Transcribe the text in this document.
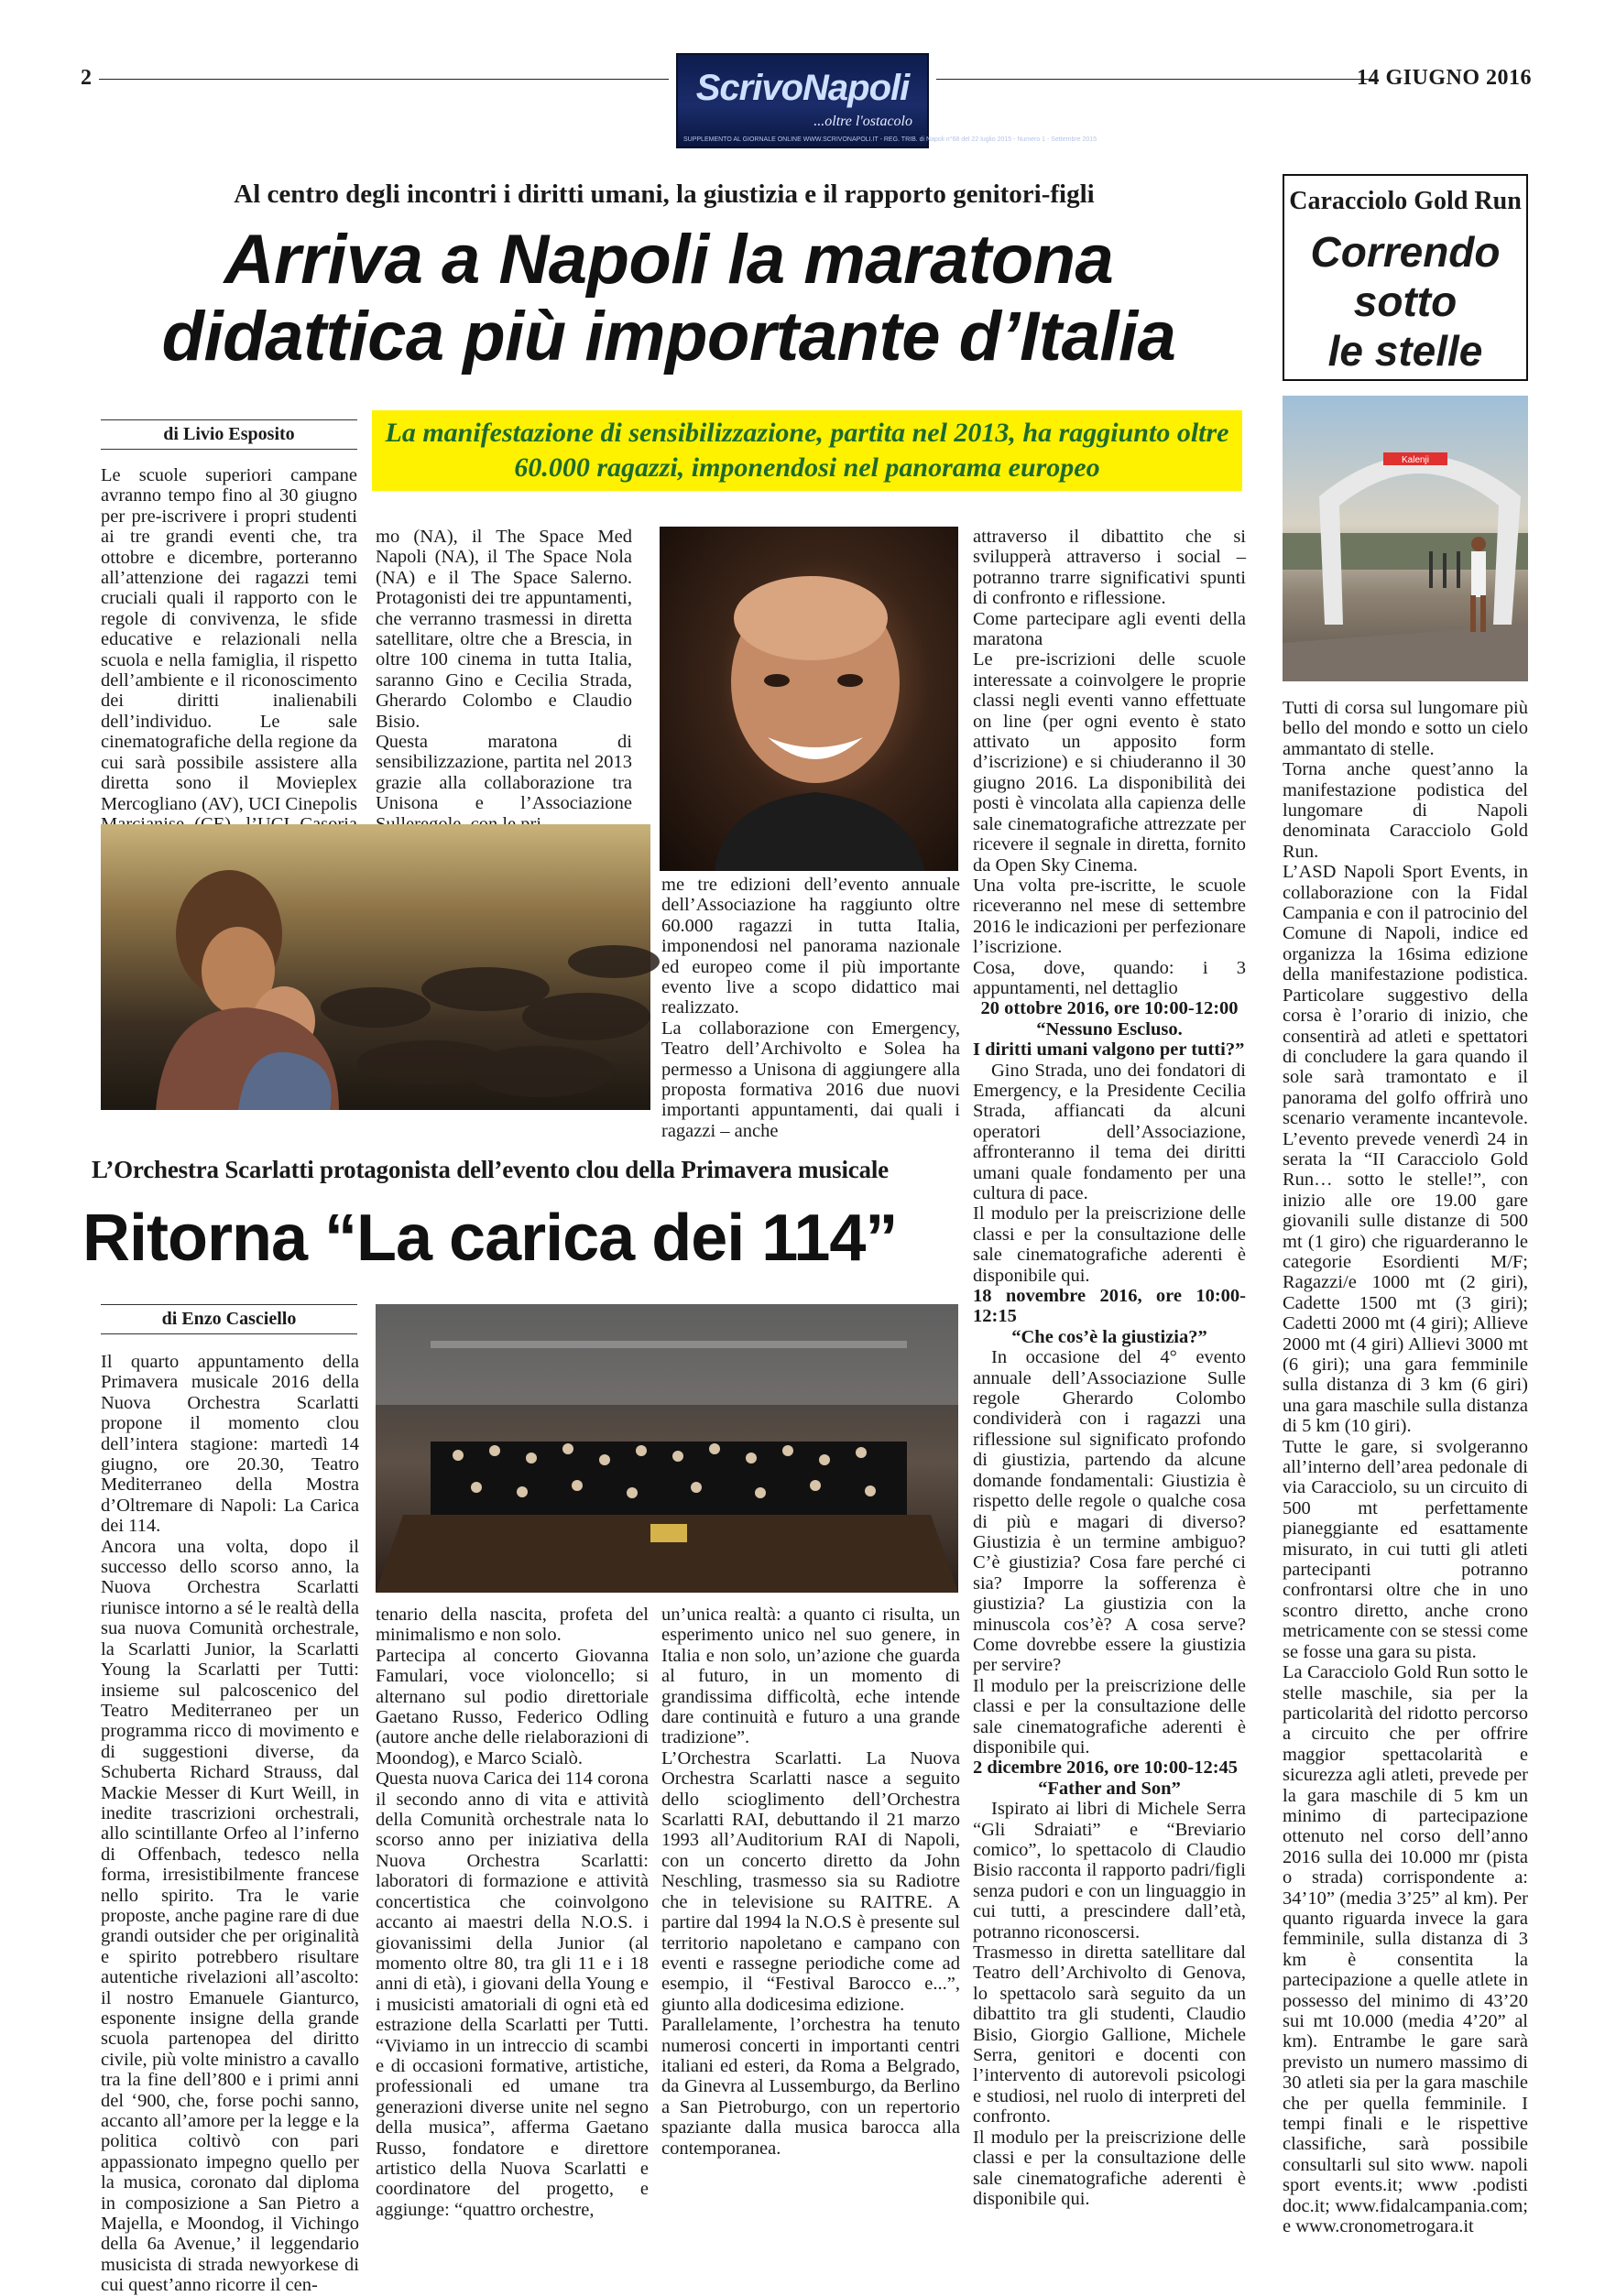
2	14 GIUGNO 2016
ScrivoNapoli
...oltre l'ostacolo
SUPPLEMENTO AL GIORNALE ONLINE WWW.SCRIVONAPOLI.IT - REG. TRIB. di Napoli n°68 del 22 luglio 2015 - Numero 1 - Settembre 2015
Al centro degli incontri i diritti umani, la giustizia e il rapporto genitori-figli
Arriva a Napoli la maratona
didattica più importante d’Italia
di Livio Esposito	La manifestazione di sensibilizzazione, partita nel 2013, ha raggiunto oltre 60.000 ragazzi, imponendosi nel panorama europeo
Le scuole superiori campane avranno tempo fino al 30 giugno per pre-iscrivere i propri studenti ai tre grandi eventi che, tra ottobre e dicembre, porteranno all’attenzione dei ragazzi temi cruciali quali il rapporto con le regole di convivenza, le sfide educative e relazionali nella scuola e nella famiglia, il rispetto dell’ambiente e il riconoscimento dei diritti inalienabili dell’individuo. Le sale cinematografiche della regione da cui sarà possibile assistere alla diretta sono il Movieplex Mercogliano (AV), UCI Cinepolis
mo (NA), il The Space Med Napoli (NA), il The Space Nola (NA) e il The Space Salerno. Protagonisti dei tre appuntamenti, che verranno trasmessi in diretta satellitare, oltre che a Brescia, in oltre 100 cinema in tutta Italia, saranno Gino e Cecilia Strada, Gherardo Colombo e Claudio Bisio.
Questa maratona di sensibilizzazione, partita nel 2013 grazie alla collaborazione tra Unisona e l’Associazione
me tre edizioni dell’evento annuale dell’Associazione ha raggiunto oltre 60.000 ragazzi in tutta Italia, imponendosi nel panorama nazionale ed europeo come il più importante evento live a scopo didattico mai realizzato.
La collaborazione con Emergency, Teatro dell’Archivolto e Solea ha permesso a Unisona di aggiungere alla proposta formativa 2016 due nuovi importanti appuntamenti, dai quali i ragazzi – anche
attraverso il dibattito che si svilupperà attraverso i social – potranno trarre significativi spunti di confronto e riflessione.
Come partecipare agli eventi della maratona
Le pre-iscrizioni delle scuole interessate a coinvolgere le proprie classi negli eventi vanno effettuate on line (per ogni evento è stato attivato un apposito form d’iscrizione) e si chiuderanno il 30 giugno 2016. La disponibilità dei posti è vincolata alla capienza delle sale cinematografiche attrezzate per ricevere il segnale in diretta, fornito da Open Sky Cinema.
Una volta pre-iscritte, le scuole riceveranno nel mese di settembre 2016 le indicazioni per perfezionare l’iscrizione.
Cosa, dove, quando: i 3 appuntamenti, nel dettaglio
20 ottobre 2016, ore 10:00-12:00
“Nessuno Escluso.
I diritti umani valgono per tutti?”
Gino Strada, uno dei fondatori di Emergency, e la Presidente Cecilia Strada, affiancati da alcuni operatori dell’Associazione, affronteranno il tema dei diritti umani quale fondamento per una cultura di pace.
Il modulo per la preiscrizione delle classi e per la consultazione delle sale cinematografiche aderenti è disponibile qui.
18 novembre 2016, ore 10:00-12:15
“Che cos’è la giustizia?”
In occasione del 4° evento annuale dell’Associazione Sulle regole Gherardo Colombo condividerà con i ragazzi una riflessione sul significato profondo di giustizia, partendo da alcune domande fondamentali: Giustizia è rispetto delle regole o qualche cosa di più e magari di diverso? Giustizia è un termine ambiguo? C’è giustizia? Cosa fare perché ci sia? Imporre la sofferenza è giustizia? La giustizia con la minuscola cos’è? A cosa serve? Come dovrebbe essere la giustizia per servire?
Il modulo per la preiscrizione delle classi e per la consultazione delle sale cinematografiche aderenti è disponibile qui.
2 dicembre 2016, ore 10:00-12:45
“Father and Son”
Ispirato ai libri di Michele Serra “Gli Sdraiati” e “Breviario comico”, lo spettacolo di Claudio Bisio racconta il rapporto padri/figli senza pudori e con un linguaggio in cui tutti, a prescindere dall’età, potranno riconoscersi.
Trasmesso in diretta satellitare dal Teatro dell’Archivolto di Genova, lo spettacolo sarà seguito da un dibattito tra gli studenti, Claudio Bisio, Giorgio Gallione, Michele Serra, genitori e docenti con l’intervento di autorevoli psicologi e studiosi, nel ruolo di interpreti del confronto.
Il modulo per la preiscrizione delle classi e per la consultazione delle sale cinematografiche aderenti è disponibile qui.
L’Orchestra Scarlatti protagonista dell’evento clou della Primavera musicale
Ritorna “La carica dei 114”
di Enzo Casciello
Il quarto appuntamento della Primavera musicale 2016 della Nuova Orchestra Scarlatti propone il momento clou dell’intera stagione: martedì 14 giugno, ore 20.30, Teatro Mediterraneo della Mostra d’Oltremare di Napoli: La Carica dei 114.
Ancora una volta, dopo il successo dello scorso anno, la Nuova Orchestra Scarlatti riunisce intorno a sé le realtà della sua nuova Comunità orchestrale, la Scarlatti Junior, la Scarlatti Young la Scarlatti per Tutti: insieme sul palcoscenico del Teatro Mediterraneo per un programma ricco di movimento e di suggestioni diverse, da Schuberta Richard Strauss, dal Mackie Messer di Kurt Weill, in inedite trascrizioni orchestrali, allo scintillante Orfeo al l’inferno di Offenbach, tedesco nella forma, irresistibilmente francese nello spirito. Tra le varie proposte, anche pagine rare di due grandi outsider che per originalità e spirito potrebbero risultare autentiche rivelazioni all’ascolto: il nostro Emanuele Gianturco, esponente insigne della grande scuola partenopea del diritto civile, più volte ministro a cavallo tra la fine dell’800 e i primi anni del ‘900, che, forse pochi sanno, accanto all’amore per la legge e la politica coltivò con pari appassionato impegno quello per la musica, coronato dal diploma in composizione a San Pietro a Majella, e Moondog, il Vichingo della 6a Avenue,’ il leggendario musicista di strada newyorkese di cui quest’anno ricorre il cen-
tenario della nascita, profeta del minimalismo e non solo.
Partecipa al concerto Giovanna Famulari, voce violoncello; si alternano sul podio direttoriale Gaetano Russo, Federico Odling (autore anche delle rielaborazioni di Moondog), e Marco Scialò.
Questa nuova Carica dei 114 corona il secondo anno di vita e attività della Comunità orchestrale nata lo scorso anno per iniziativa della Nuova Orchestra Scarlatti: laboratori di formazione e attività concertistica che coinvolgono accanto ai maestri della N.O.S. i giovanissimi della Junior (al momento oltre 80, tra gli 11 e i 18 anni di età), i giovani della Young e i musicisti amatoriali di ogni età ed estrazione della Scarlatti per Tutti. “Viviamo in un intreccio di scambi e di occasioni formative, artistiche, professionali ed umane tra generazioni diverse unite nel segno della musica”, afferma Gaetano Russo, fondatore e direttore artistico della Nuova Scarlatti e coordinatore del progetto, e aggiunge: “quattro orchestre,
un’unica realtà: a quanto ci risulta, un esperimento unico nel suo genere, in Italia e non solo, un’azione che guarda al futuro, in un momento di grandissima difficoltà, eche intende dare continuità e futuro a una grande tradizione”.
L’Orchestra Scarlatti. La Nuova Orchestra Scarlatti nasce a seguito dello scioglimento dell’Orchestra Scarlatti RAI, debuttando il 21 marzo 1993 all’Auditorium RAI di Napoli, con un concerto diretto da John Neschling, trasmesso sia su Radiotre che in televisione su RAITRE. A partire dal 1994 la N.O.S è presente sul territorio napoletano e campano con eventi e rassegne periodiche come ad esempio, il “Festival Barocco e...”, giunto alla dodicesima edizione.
Parallelamente, l’orchestra ha tenuto numerosi concerti in importanti centri italiani ed esteri, da Roma a Belgrado, da Ginevra al Lussemburgo, da Berlino a San Pietroburgo, con un repertorio spaziante dalla musica barocca alla contemporanea.
Caracciolo Gold Run
Correndo
sotto
le stelle
Kalenji
Tutti di corsa sul lungomare più bello del mondo e sotto un cielo ammantato di stelle.
Torna anche quest’anno la manifestazione podistica del lungomare di Napoli denominata Caracciolo Gold Run.
L’ASD Napoli Sport Events, in collaborazione con la Fidal Campania e con il patrocinio del Comune di Napoli, indice ed organizza la 16sima edizione della manifestazione podistica. Particolare suggestivo della corsa è l’orario di inizio, che consentirà ad atleti e spettatori di concludere la gara quando il sole sarà tramontato e il panorama del golfo offrirà uno scenario veramente incantevole. L’evento prevede venerdì 24 in serata la “II Caracciolo Gold Run… sotto le stelle!”, con inizio alle ore 19.00 gare giovanili sulle distanze di 500 mt (1 giro) che riguarderanno le categorie Esordienti M/F; Ragazzi/e 1000 mt (2 giri), Cadette 1500 mt (3 giri); Cadetti 2000 mt (4 giri); Allieve 2000 mt (4 giri) Allievi 3000 mt (6 giri); una gara femminile sulla distanza di 3 km (6 giri) una gara maschile sulla distanza di 5 km (10 giri).
Tutte le gare, si svolgeranno all’interno dell’area pedonale di via Caracciolo, su un circuito di 500 mt perfettamente pianeggiante ed esattamente misurato, in cui tutti gli atleti partecipanti potranno confrontarsi oltre che in uno scontro diretto, anche crono metricamente con se stessi come se fosse una gara su pista.
La Caracciolo Gold Run sotto le stelle maschile, sia per la particolarità del ridotto percorso a circuito che per offrire maggior spettacolarità e sicurezza agli atleti, prevede per la gara maschile di 5 km un minimo di partecipazione ottenuto nel corso dell’anno 2016 sulla dei 10.000 mr (pista o strada) corrispondente a: 34’10” (media 3’25” al km). Per quanto riguarda invece la gara femminile, sulla distanza di 3 km è consentita la partecipazione a quelle atlete in possesso del minimo di 43’20 sui mt 10.000 (media 4’20” al km). Entrambe le gare sarà previsto un numero massimo di 30 atleti sia per la gara maschile che per quella femminile. I tempi finali e le rispettive classifiche, sarà possibile consultarli sul sito www. napoli sport events.it; www .podisti doc.it; www.fidalcampania.com; e www.cronometrogara.it
